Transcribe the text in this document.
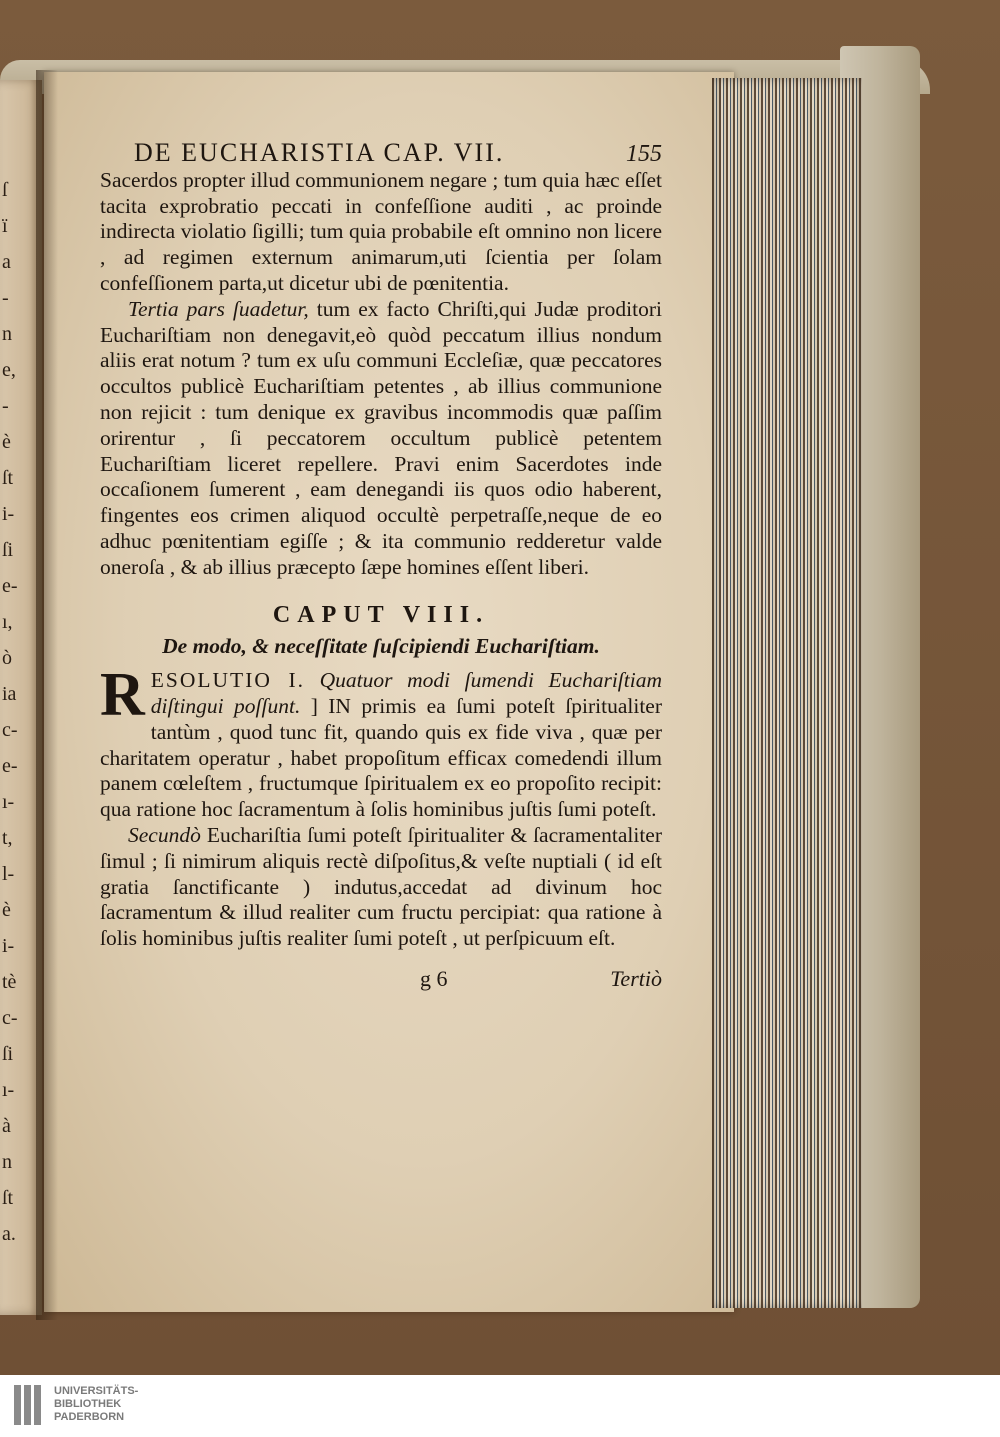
ſ
ï
a
-
n
e,
-
è
ſt
i-
ſi
e-
ı,
ò
ia
c-
e-
ı-
t,
l-
è
i-
tè
c-
ſi
ı-
à
n
ſt
a.
DE EUCHARISTIA CAP. VII.	155

Sacerdos propter illud communionem negare ; tum quia hæc eſſet tacita exprobratio peccati in confeſſione auditi , ac proinde indirecta violatio ſigilli; tum quia probabile eſt omnino non licere , ad regimen externum animarum,uti ſcientia per ſolam confeſſionem parta,ut dicetur ubi de pœnitentia.

Tertia pars ſuadetur, tum ex facto Chriſti,qui Judæ proditori Euchariſtiam non denegavit,eò quòd peccatum illius nondum aliis erat notum ? tum ex uſu communi Eccleſiæ, quæ peccatores occultos publicè Euchariſtiam petentes , ab illius communione non rejicit : tum denique ex gravibus incommodis quæ paſſim orirentur , ſi peccatorem occultum publicè petentem Euchariſtiam liceret repellere. Pravi enim Sacerdotes inde occaſionem ſumerent , eam denegandi iis quos odio haberent, fingentes eos crimen aliquod occultè perpetraſſe,neque de eo adhuc pœnitentiam egiſſe ; & ita communio redderetur valde oneroſa , & ab illius præcepto ſæpe homines eſſent liberi.

CAPUT VIII.
De modo, & neceſſitate ſuſcipiendi Euchariſtiam.

R ESOLUTIO I. Quatuor modi ſumendi Euchariſtiam diſtingui poſſunt. ] IN primis ea ſumi poteſt ſpiritualiter tantùm , quod tunc fit, quando quis ex fide viva , quæ per charitatem operatur , habet propoſitum efficax comedendi illum panem cœleſtem , fructumque ſpiritualem ex eo propoſito recipit: qua ratione hoc ſacramentum à ſolis hominibus juſtis ſumi poteſt.

Secundò Euchariſtia ſumi poteſt ſpiritualiter & ſacramentaliter ſimul ; ſi nimirum aliquis rectè diſpoſitus,& veſte nuptiali ( id eſt gratia ſanctificante ) indutus,accedat ad divinum hoc ſacramentum & illud realiter cum fructu percipiat: qua ratione à ſolis hominibus juſtis realiter ſumi poteſt , ut perſpicuum eſt.

g 6	Tertiò
UNIVERSITÄTS-
BIBLIOTHEK
PADERBORN
